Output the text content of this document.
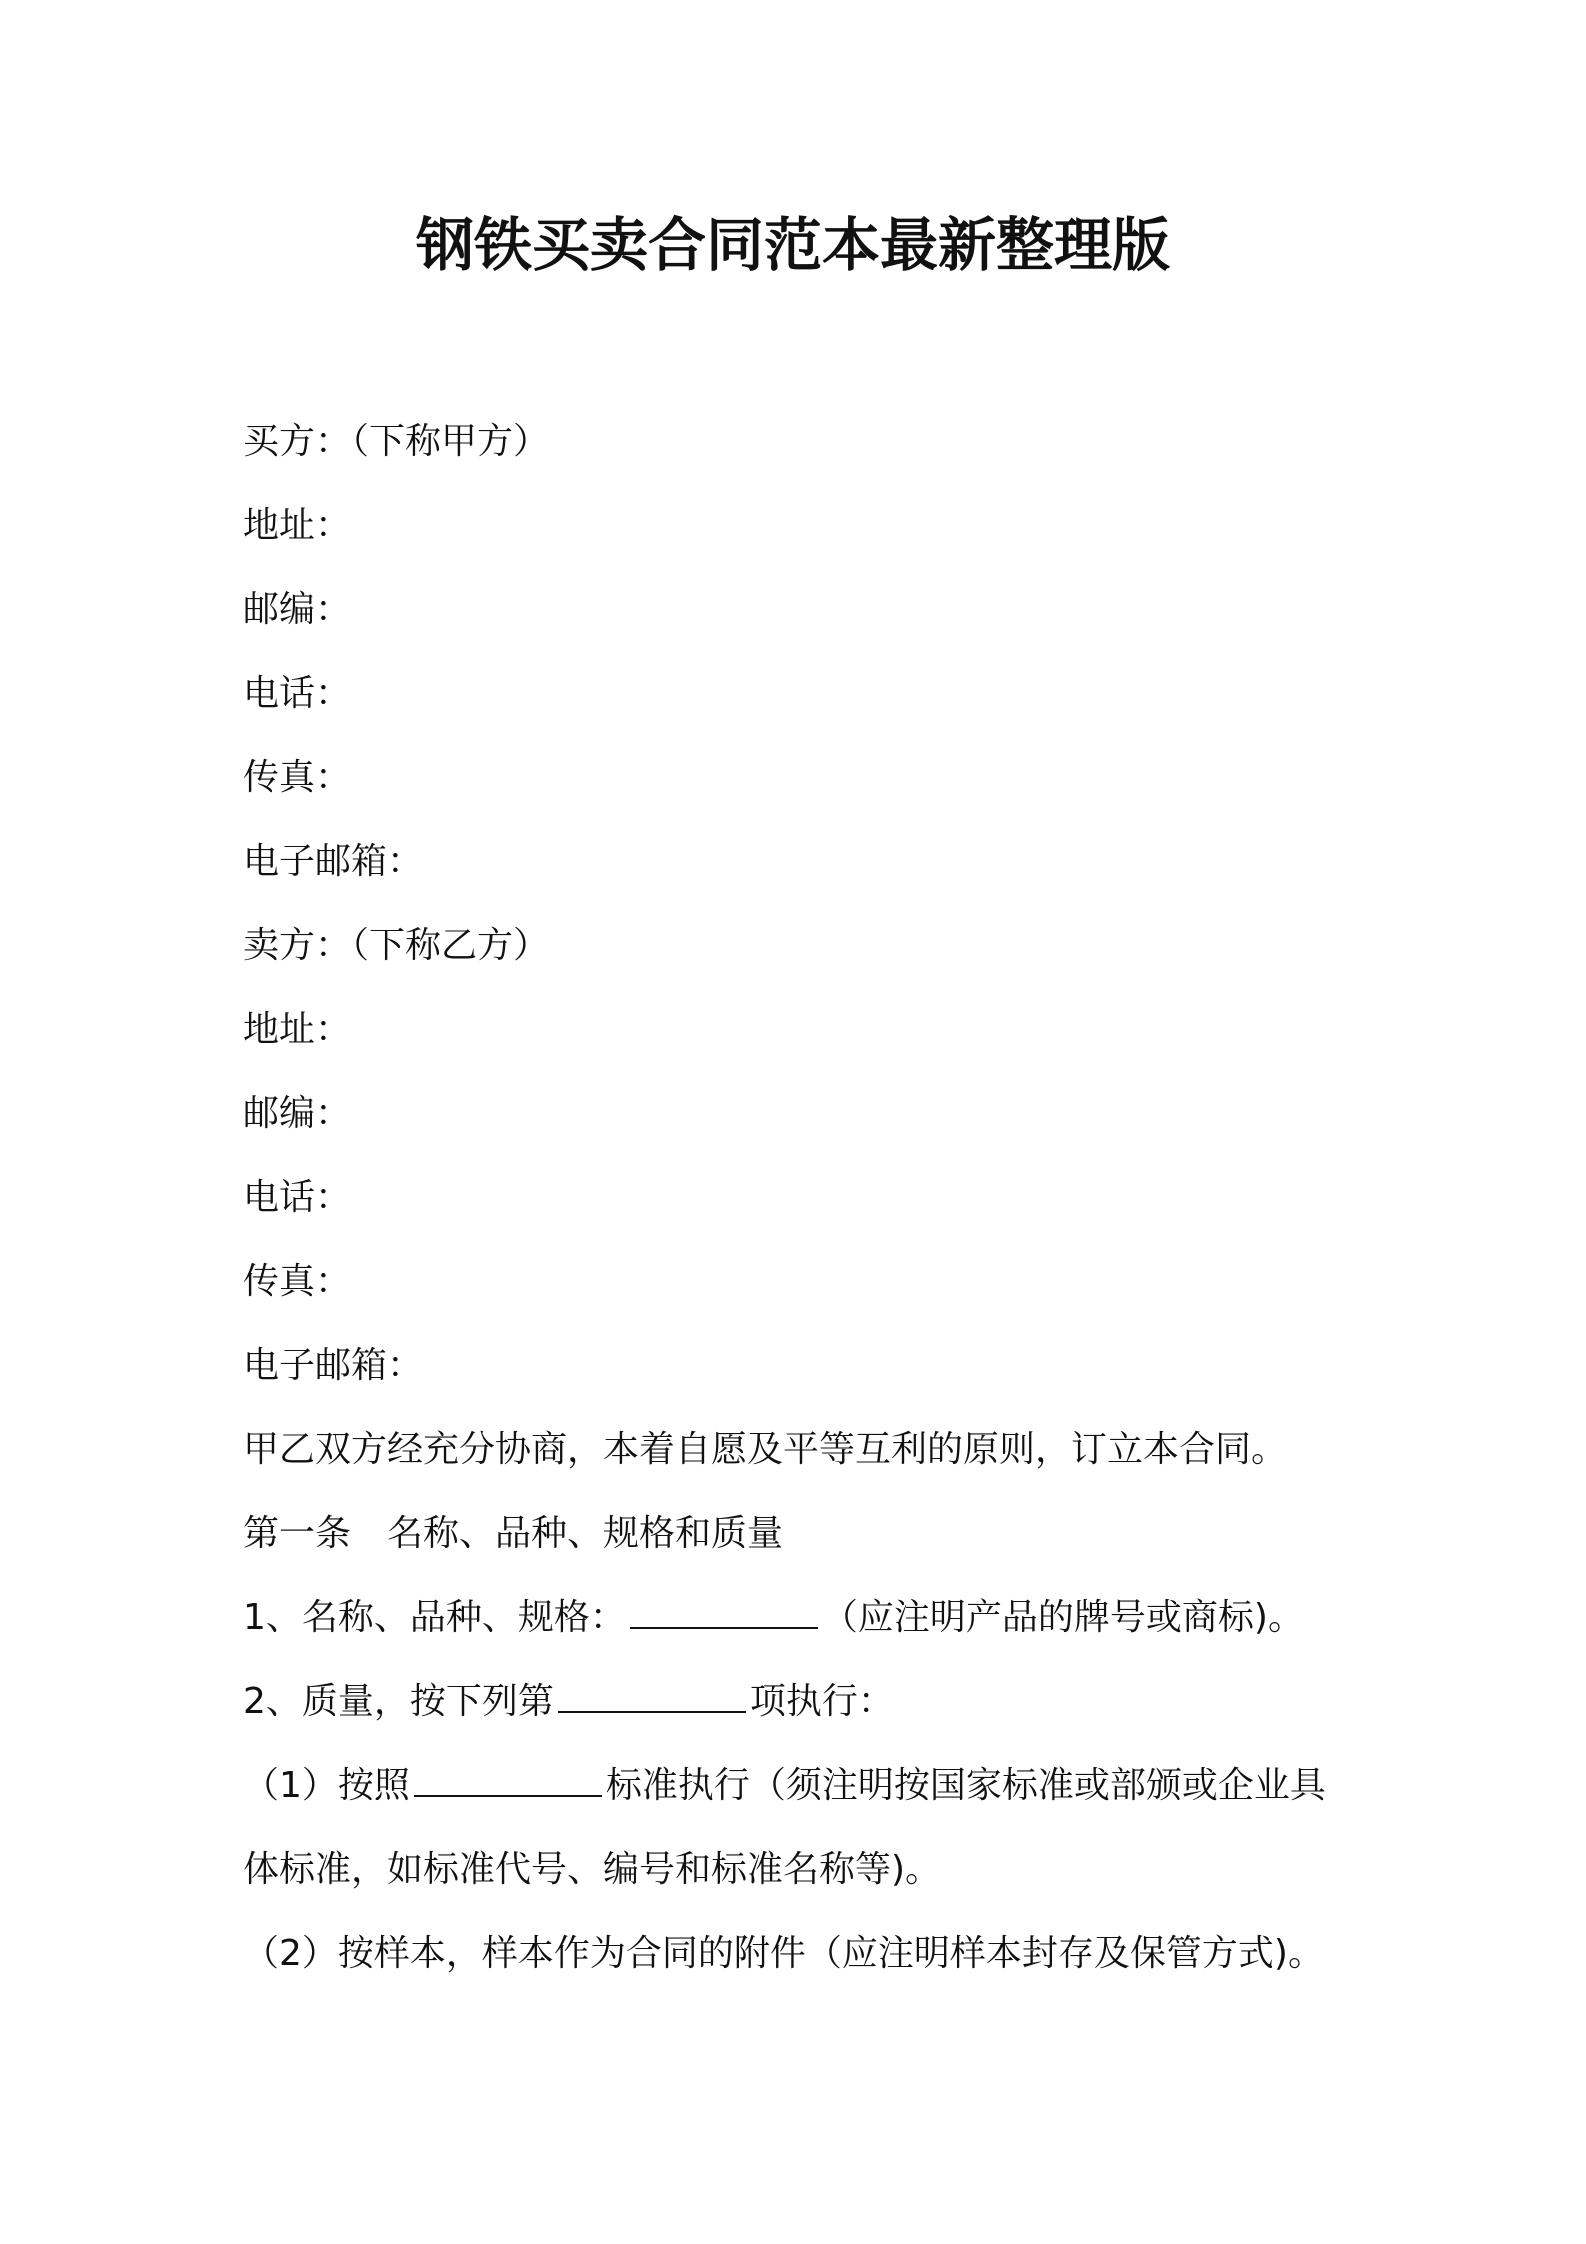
钢铁买卖合同范本最新整理版
买方：（下称甲方）
地址：
邮编：
电话：
传真：
电子邮箱：
卖方：（下称乙方）
地址：
邮编：
电话：
传真：
电子邮箱：
甲乙双方经充分协商，本着自愿及平等互利的原则，订立本合同。
第一条　名称、品种、规格和质量
1、名称、品种、规格：	（应注明产品的牌号或商标)。
2、质量，按下列第	项执行：
（1）按照	标准执行（须注明按国家标准或部颁或企业具
体标准，如标准代号、编号和标准名称等)。
（2）按样本，样本作为合同的附件（应注明样本封存及保管方式)。
